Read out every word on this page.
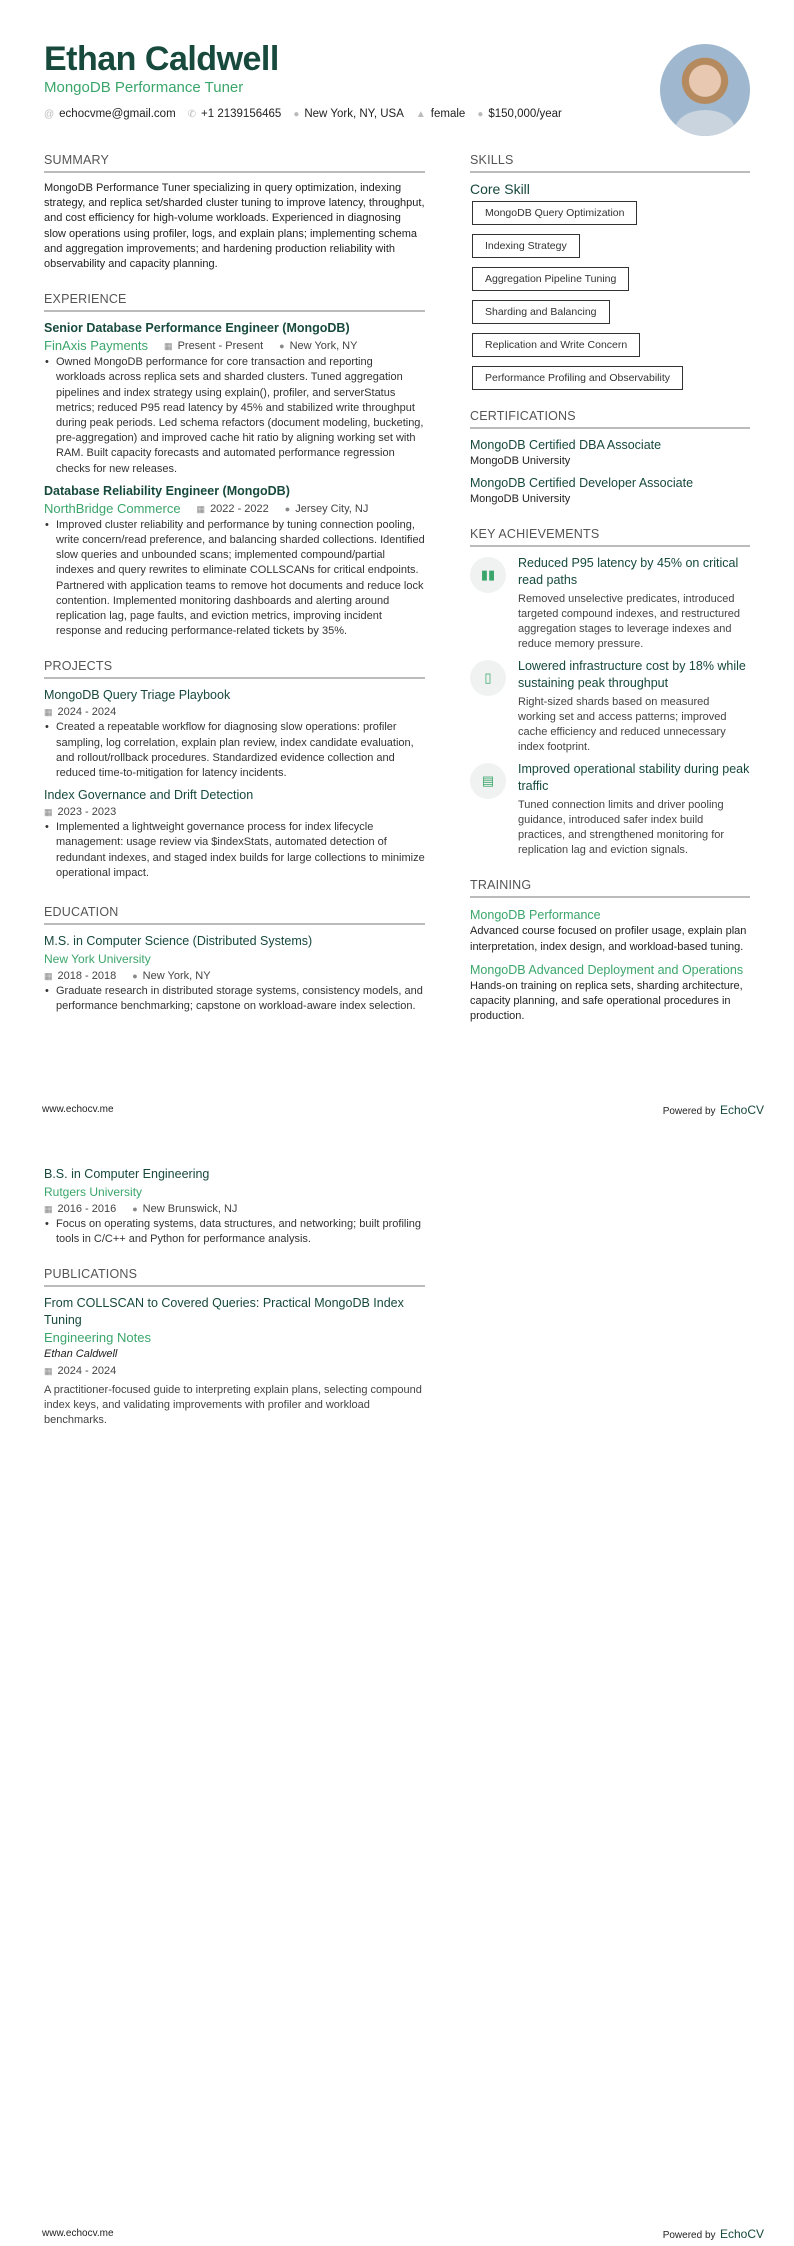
Ethan Caldwell
MongoDB Performance Tuner
@ echocvme@gmail.com ✆ +1 2139156465 ● New York, NY, USA ▲ female ● $150,000/year
SUMMARY
MongoDB Performance Tuner specializing in query optimization, indexing strategy, and replica set/sharded cluster tuning to improve latency, throughput, and cost efficiency for high-volume workloads. Experienced in diagnosing slow operations using profiler, logs, and explain plans; implementing schema and aggregation improvements; and hardening production reliability with observability and capacity planning.
EXPERIENCE
Senior Database Performance Engineer (MongoDB)
FinAxis Payments ▦ Present - Present ● New York, NY
• Owned MongoDB performance for core transaction and reporting workloads across replica sets and sharded clusters. Tuned aggregation pipelines and index strategy using explain(), profiler, and serverStatus metrics; reduced P95 read latency by 45% and stabilized write throughput during peak periods. Led schema refactors (document modeling, bucketing, pre-aggregation) and improved cache hit ratio by aligning working set with RAM. Built capacity forecasts and automated performance regression checks for new releases.
Database Reliability Engineer (MongoDB)
NorthBridge Commerce ▦ 2022 - 2022 ● Jersey City, NJ
• Improved cluster reliability and performance by tuning connection pooling, write concern/read preference, and balancing sharded collections. Identified slow queries and unbounded scans; implemented compound/partial indexes and query rewrites to eliminate COLLSCANs for critical endpoints. Partnered with application teams to remove hot documents and reduce lock contention. Implemented monitoring dashboards and alerting around replication lag, page faults, and eviction metrics, improving incident response and reducing performance-related tickets by 35%.
PROJECTS
MongoDB Query Triage Playbook
▦ 2024 - 2024
• Created a repeatable workflow for diagnosing slow operations: profiler sampling, log correlation, explain plan review, index candidate evaluation, and rollout/rollback procedures. Standardized evidence collection and reduced time-to-mitigation for latency incidents.
Index Governance and Drift Detection
▦ 2023 - 2023
• Implemented a lightweight governance process for index lifecycle management: usage review via $indexStats, automated detection of redundant indexes, and staged index builds for large collections to minimize operational impact.
EDUCATION
M.S. in Computer Science (Distributed Systems)
New York University
▦ 2018 - 2018 ● New York, NY
• Graduate research in distributed storage systems, consistency models, and performance benchmarking; capstone on workload-aware index selection.
SKILLS
Core Skill
MongoDB Query Optimization
Indexing Strategy
Aggregation Pipeline Tuning
Sharding and Balancing
Replication and Write Concern
Performance Profiling and Observability
CERTIFICATIONS
MongoDB Certified DBA Associate
MongoDB University
MongoDB Certified Developer Associate
MongoDB University
KEY ACHIEVEMENTS
▮▮
Reduced P95 latency by 45% on critical read paths
Removed unselective predicates, introduced targeted compound indexes, and restructured aggregation stages to leverage indexes and reduce memory pressure.
▯
Lowered infrastructure cost by 18% while sustaining peak throughput
Right-sized shards based on measured working set and access patterns; improved cache efficiency and reduced unnecessary index footprint.
▤
Improved operational stability during peak traffic
Tuned connection limits and driver pooling guidance, introduced safer index build practices, and strengthened monitoring for replication lag and eviction signals.
TRAINING
MongoDB Performance
Advanced course focused on profiler usage, explain plan interpretation, index design, and workload-based tuning.
MongoDB Advanced Deployment and Operations
Hands-on training on replica sets, sharding architecture, capacity planning, and safe operational procedures in production.
www.echocv.me	Powered by EchoCV
B.S. in Computer Engineering
Rutgers University
▦ 2016 - 2016 ● New Brunswick, NJ
• Focus on operating systems, data structures, and networking; built profiling tools in C/C++ and Python for performance analysis.
PUBLICATIONS
From COLLSCAN to Covered Queries: Practical MongoDB Index Tuning
Engineering Notes
Ethan Caldwell
▦ 2024 - 2024
A practitioner-focused guide to interpreting explain plans, selecting compound index keys, and validating improvements with profiler and workload benchmarks.
www.echocv.me	Powered by EchoCV
